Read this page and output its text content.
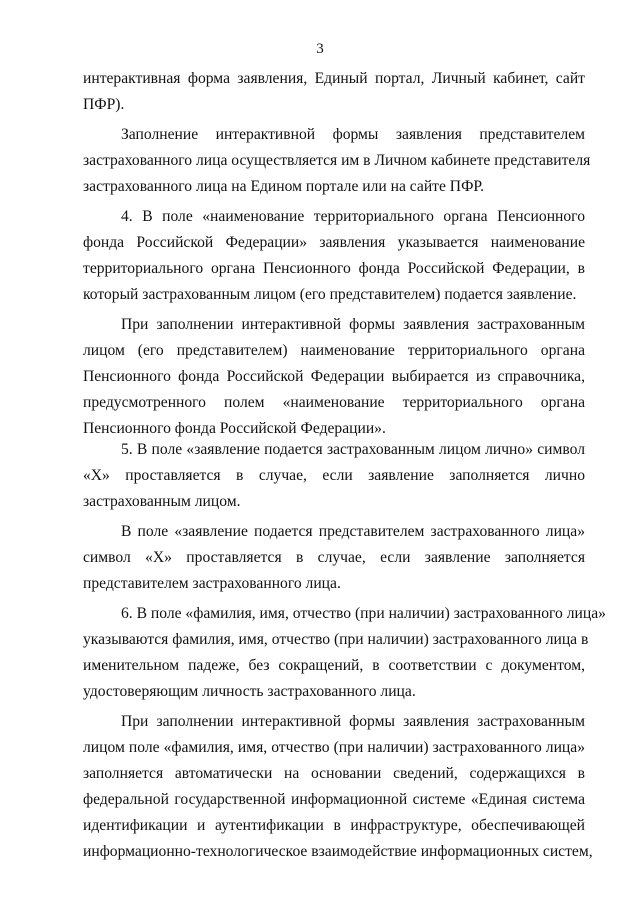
3
интерактивная форма заявления, Единый портал, Личный кабинет, сайт
ПФР).
Заполнение интерактивной формы заявления представителем
застрахованного лица осуществляется им в Личном кабинете представителя
застрахованного лица на Едином портале или на сайте ПФР.
4. В поле «наименование территориального органа Пенсионного
фонда Российской Федерации» заявления указывается наименование
территориального органа Пенсионного фонда Российской Федерации, в
который застрахованным лицом (его представителем) подается заявление.
При заполнении интерактивной формы заявления застрахованным
лицом (его представителем) наименование территориального органа
Пенсионного фонда Российской Федерации выбирается из справочника,
предусмотренного полем «наименование территориального органа
Пенсионного фонда Российской Федерации».
5. В поле «заявление подается застрахованным лицом лично» символ
«Х» проставляется в случае, если заявление заполняется лично
застрахованным лицом.
В поле «заявление подается представителем застрахованного лица»
символ «Х» проставляется в случае, если заявление заполняется
представителем застрахованного лица.
6. В поле «фамилия, имя, отчество (при наличии) застрахованного лица»
указываются фамилия, имя, отчество (при наличии) застрахованного лица в
именительном падеже, без сокращений, в соответствии с документом,
удостоверяющим личность застрахованного лица.
При заполнении интерактивной формы заявления застрахованным
лицом поле «фамилия, имя, отчество (при наличии) застрахованного лица»
заполняется автоматически на основании сведений, содержащихся в
федеральной государственной информационной системе «Единая система
идентификации и аутентификации в инфраструктуре, обеспечивающей
информационно-технологическое взаимодействие информационных систем,
